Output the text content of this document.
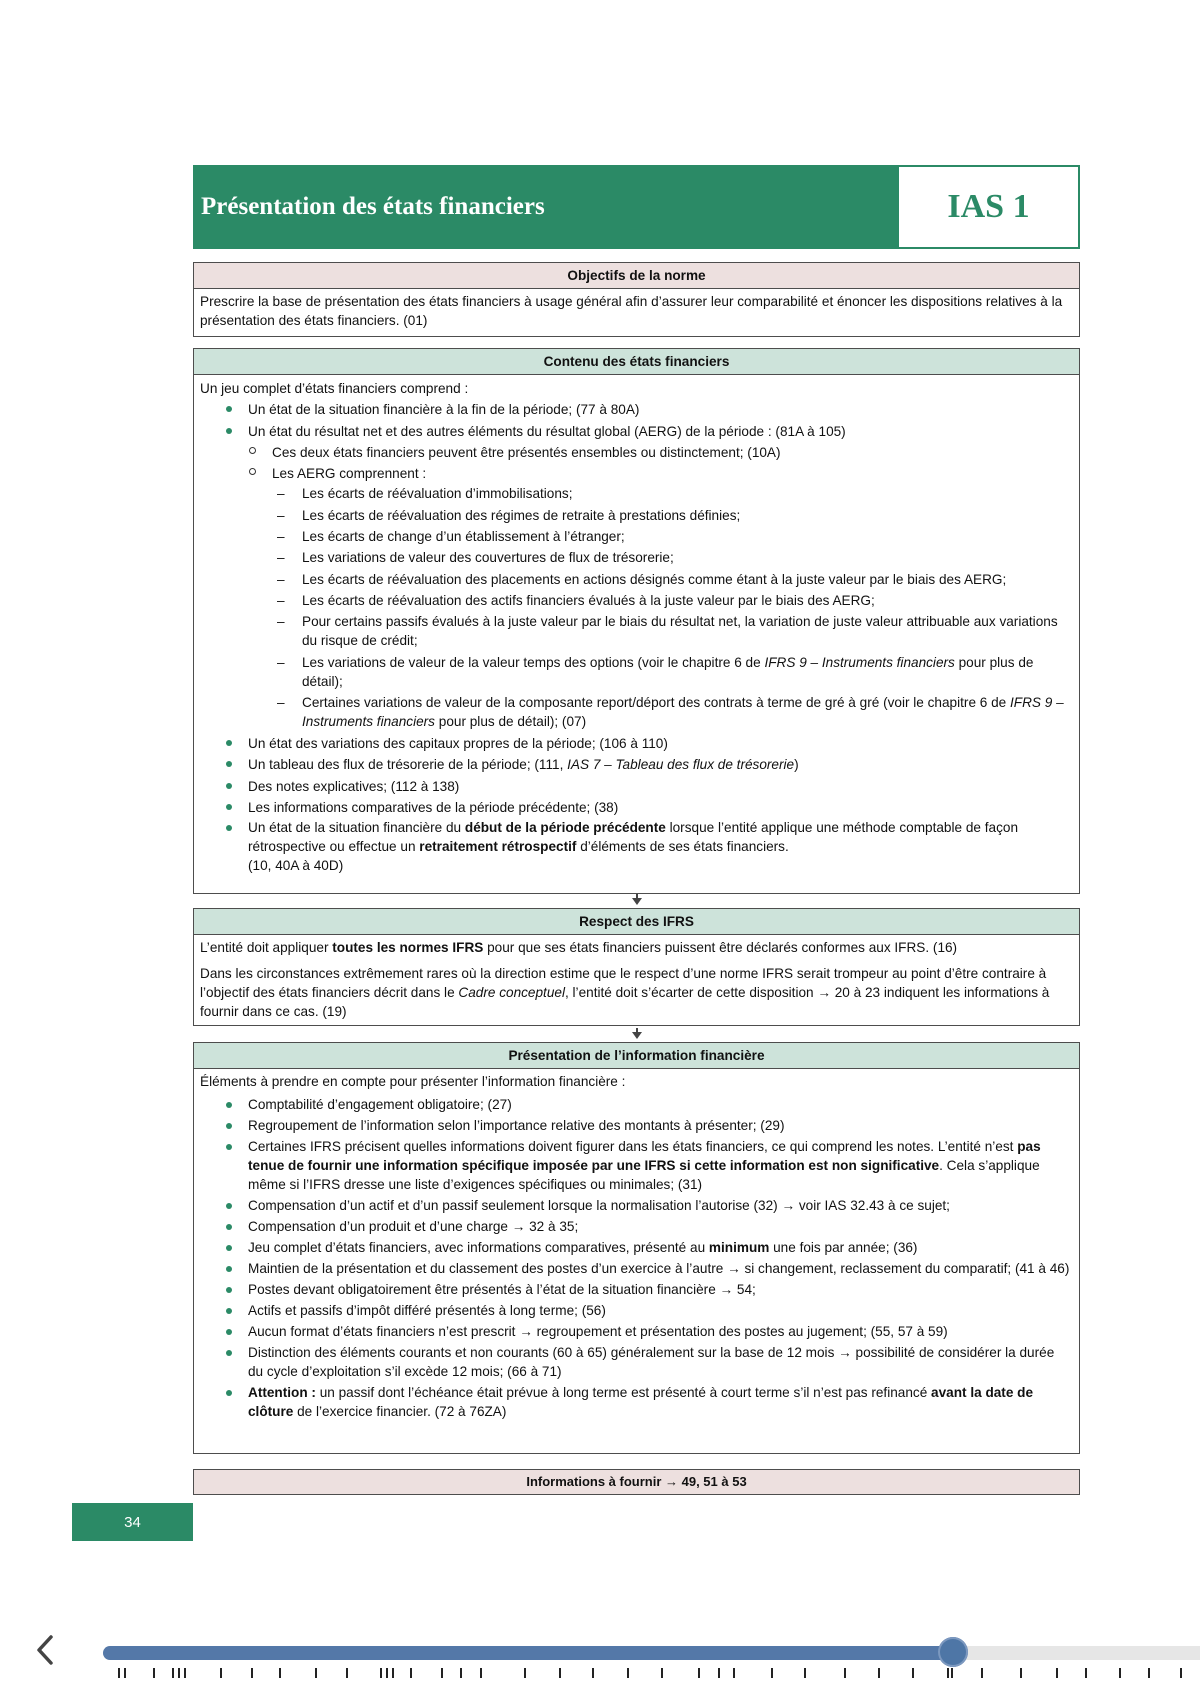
Présentation des états financiers	IAS 1
Objectifs de la norme

Prescrire la base de présentation des états financiers à usage général afin d’assurer leur comparabilité et énoncer les dispositions relatives à la présentation des états financiers. (01)

Contenu des états financiers

Un jeu complet d’états financiers comprend :

Un état de la situation financière à la fin de la période; (77 à 80A)
Un état du résultat net et des autres éléments du résultat global (AERG) de la période : (81A à 105)
Ces deux états financiers peuvent être présentés ensembles ou distinctement; (10A)
Les AERG comprennent :
– Les écarts de réévaluation d’immobilisations;
– Les écarts de réévaluation des régimes de retraite à prestations définies;
– Les écarts de change d’un établissement à l’étranger;
– Les variations de valeur des couvertures de flux de trésorerie;
– Les écarts de réévaluation des placements en actions désignés comme étant à la juste valeur par le biais des AERG;
– Les écarts de réévaluation des actifs financiers évalués à la juste valeur par le biais des AERG;
– Pour certains passifs évalués à la juste valeur par le biais du résultat net, la variation de juste valeur attribuable aux variations du risque de crédit;
– Les variations de valeur de la valeur temps des options (voir le chapitre 6 de IFRS 9 – Instruments financiers pour plus de détail);
– Certaines variations de valeur de la composante report/déport des contrats à terme de gré à gré (voir le chapitre 6 de IFRS 9 – Instruments financiers pour plus de détail); (07)
Un état des variations des capitaux propres de la période; (106 à 110)
Un tableau des flux de trésorerie de la période; (111, IAS 7 – Tableau des flux de trésorerie)
Des notes explicatives; (112 à 138)
Les informations comparatives de la période précédente; (38)
Un état de la situation financière du début de la période précédente lorsque l’entité applique une méthode comptable de façon rétrospective ou effectue un retraitement rétrospectif d’éléments de ses états financiers.
(10, 40A à 40D)
Respect des IFRS

L’entité doit appliquer toutes les normes IFRS pour que ses états financiers puissent être déclarés conformes aux IFRS. (16)

Dans les circonstances extrêmement rares où la direction estime que le respect d’une norme IFRS serait trompeur au point d’être contraire à l’objectif des états financiers décrit dans le Cadre conceptuel, l’entité doit s’écarter de cette disposition → 20 à 23 indiquent les informations à fournir dans ce cas. (19)

Présentation de l’information financière

Éléments à prendre en compte pour présenter l’information financière :

Comptabilité d’engagement obligatoire; (27)
Regroupement de l’information selon l’importance relative des montants à présenter; (29)
Certaines IFRS précisent quelles informations doivent figurer dans les états financiers, ce qui comprend les notes. L’entité n’est pas tenue de fournir une information spécifique imposée par une IFRS si cette information est non significative. Cela s’applique même si l’IFRS dresse une liste d’exigences spécifiques ou minimales; (31)
Compensation d’un actif et d’un passif seulement lorsque la normalisation l’autorise (32) → voir IAS 32.43 à ce sujet;
Compensation d’un produit et d’une charge → 32 à 35;
Jeu complet d’états financiers, avec informations comparatives, présenté au minimum une fois par année; (36)
Maintien de la présentation et du classement des postes d’un exercice à l’autre → si changement, reclassement du comparatif; (41 à 46)
Postes devant obligatoirement être présentés à l’état de la situation financière → 54;
Actifs et passifs d’impôt différé présentés à long terme; (56)
Aucun format d’états financiers n’est prescrit → regroupement et présentation des postes au jugement; (55, 57 à 59)
Distinction des éléments courants et non courants (60 à 65) généralement sur la base de 12 mois → possibilité de considérer la durée du cycle d’exploitation s’il excède 12 mois; (66 à 71)
Attention : un passif dont l’échéance était prévue à long terme est présenté à court terme s’il n’est pas refinancé avant la date de clôture de l’exercice financier. (72 à 76ZA)
Informations à fournir → 49, 51 à 53
34
